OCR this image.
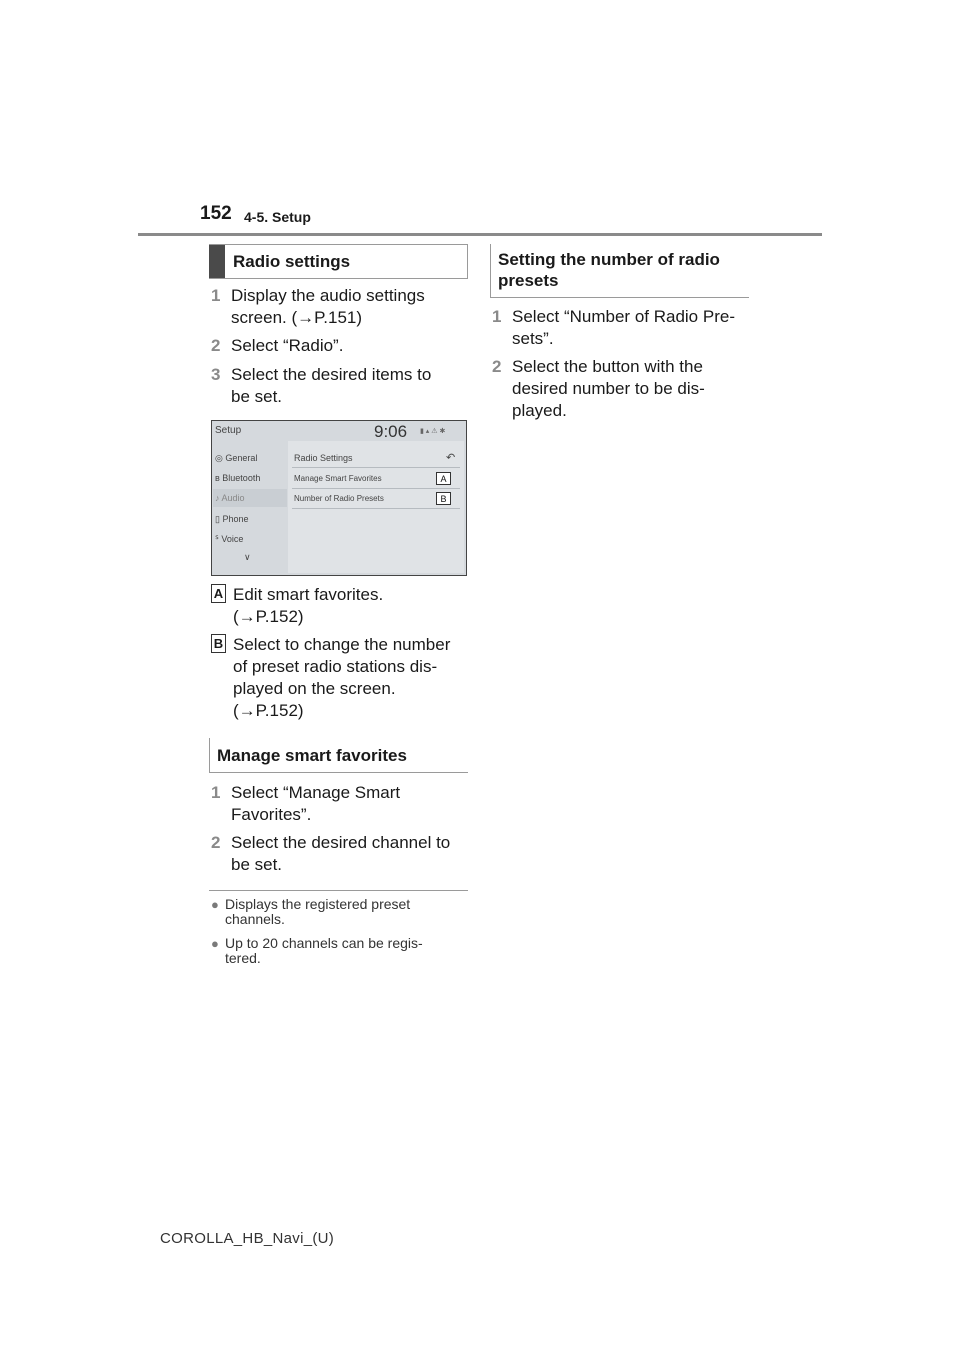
152 4-5. Setup
Radio settings
1 Display the audio settings
screen. (→P.151)
2 Select “Radio”.
3 Select the desired items to
be set.
Setup	9:06 ▮ ▴ ⚠ ✱
◎ General
ʙ Bluetooth
♪ Audio
▯ Phone
ᔆ Voice
∨
Radio Settings	↶
Manage Smart Favorites	A
Number of Radio Presets	B
A Edit smart favorites.
(→P.152)
B Select to change the number
of preset radio stations dis-
played on the screen.
(→P.152)
Manage smart favorites
1 Select “Manage Smart
Favorites”.
2 Select the desired channel to
be set.
● Displays the registered preset
channels.
● Up to 20 channels can be regis-
tered.
Setting the number of radio
presets
1 Select “Number of Radio Pre-
sets”.
2 Select the button with the
desired number to be dis-
played.
COROLLA_HB_Navi_(U)
